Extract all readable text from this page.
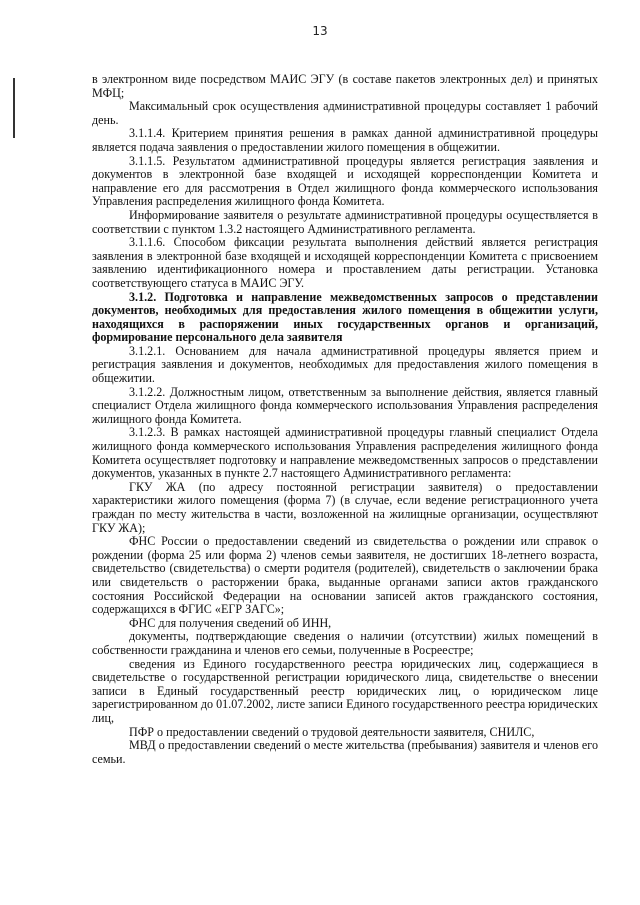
13

в электронном виде посредством МАИС ЭГУ (в составе пакетов электронных дел) и принятых МФЦ;

Максимальный срок осуществления административной процедуры составляет 1 рабочий день.

3.1.1.4. Критерием принятия решения в рамках данной административной процедуры является подача заявления о предоставлении жилого помещения в общежитии.

3.1.1.5. Результатом административной процедуры является регистрация заявления и документов в электронной базе входящей и исходящей корреспонденции Комитета и направление его для рассмотрения в Отдел жилищного фонда коммерческого использования Управления распределения жилищного фонда Комитета.

Информирование заявителя о результате административной процедуры осуществляется в соответствии с пунктом 1.3.2 настоящего Административного регламента.

3.1.1.6. Способом фиксации результата выполнения действий является регистрация заявления в электронной базе входящей и исходящей корреспонденции Комитета с присвоением заявлению идентификационного номера и проставлением даты регистрации. Установка соответствующего статуса в МАИС ЭГУ.

3.1.2. Подготовка и направление межведомственных запросов о представлении документов, необходимых для предоставления жилого помещения в общежитии услуги, находящихся в распоряжении иных государственных органов и организаций, формирование персонального дела заявителя

3.1.2.1. Основанием для начала административной процедуры является прием и регистрация заявления и документов, необходимых для предоставления жилого помещения в общежитии.

3.1.2.2. Должностным лицом, ответственным за выполнение действия, является главный специалист Отдела жилищного фонда коммерческого использования Управления распределения жилищного фонда Комитета.

3.1.2.3. В рамках настоящей административной процедуры главный специалист Отдела жилищного фонда коммерческого использования Управления распределения жилищного фонда Комитета осуществляет подготовку и направление межведомственных запросов о представлении документов, указанных в пункте 2.7 настоящего Административного регламента:

ГКУ ЖА (по адресу постоянной регистрации заявителя) о предоставлении характеристики жилого помещения (форма 7) (в случае, если ведение регистрационного учета граждан по месту жительства в части, возложенной на жилищные организации, осуществляют ГКУ ЖА);

ФНС России о предоставлении сведений из свидетельства о рождении или справок о рождении (форма 25 или форма 2) членов семьи заявителя, не достигших 18-летнего возраста, свидетельство (свидетельства) о смерти родителя (родителей), свидетельств о заключении брака или свидетельств о расторжении брака, выданные органами записи актов гражданского состояния Российской Федерации на основании записей актов гражданского состояния, содержащихся в ФГИС «ЕГР ЗАГС»;

ФНС для получения сведений об ИНН,

документы, подтверждающие сведения о наличии (отсутствии) жилых помещений в собственности гражданина и членов его семьи, полученные в Росреестре;

сведения из Единого государственного реестра юридических лиц, содержащиеся в свидетельстве о государственной регистрации юридического лица, свидетельстве о внесении записи в Единый государственный реестр юридических лиц, о юридическом лице зарегистрированном до 01.07.2002, листе записи Единого государственного реестра юридических лиц,

ПФР о предоставлении сведений о трудовой деятельности заявителя, СНИЛС,

МВД о предоставлении сведений о месте жительства (пребывания) заявителя и членов его семьи.
